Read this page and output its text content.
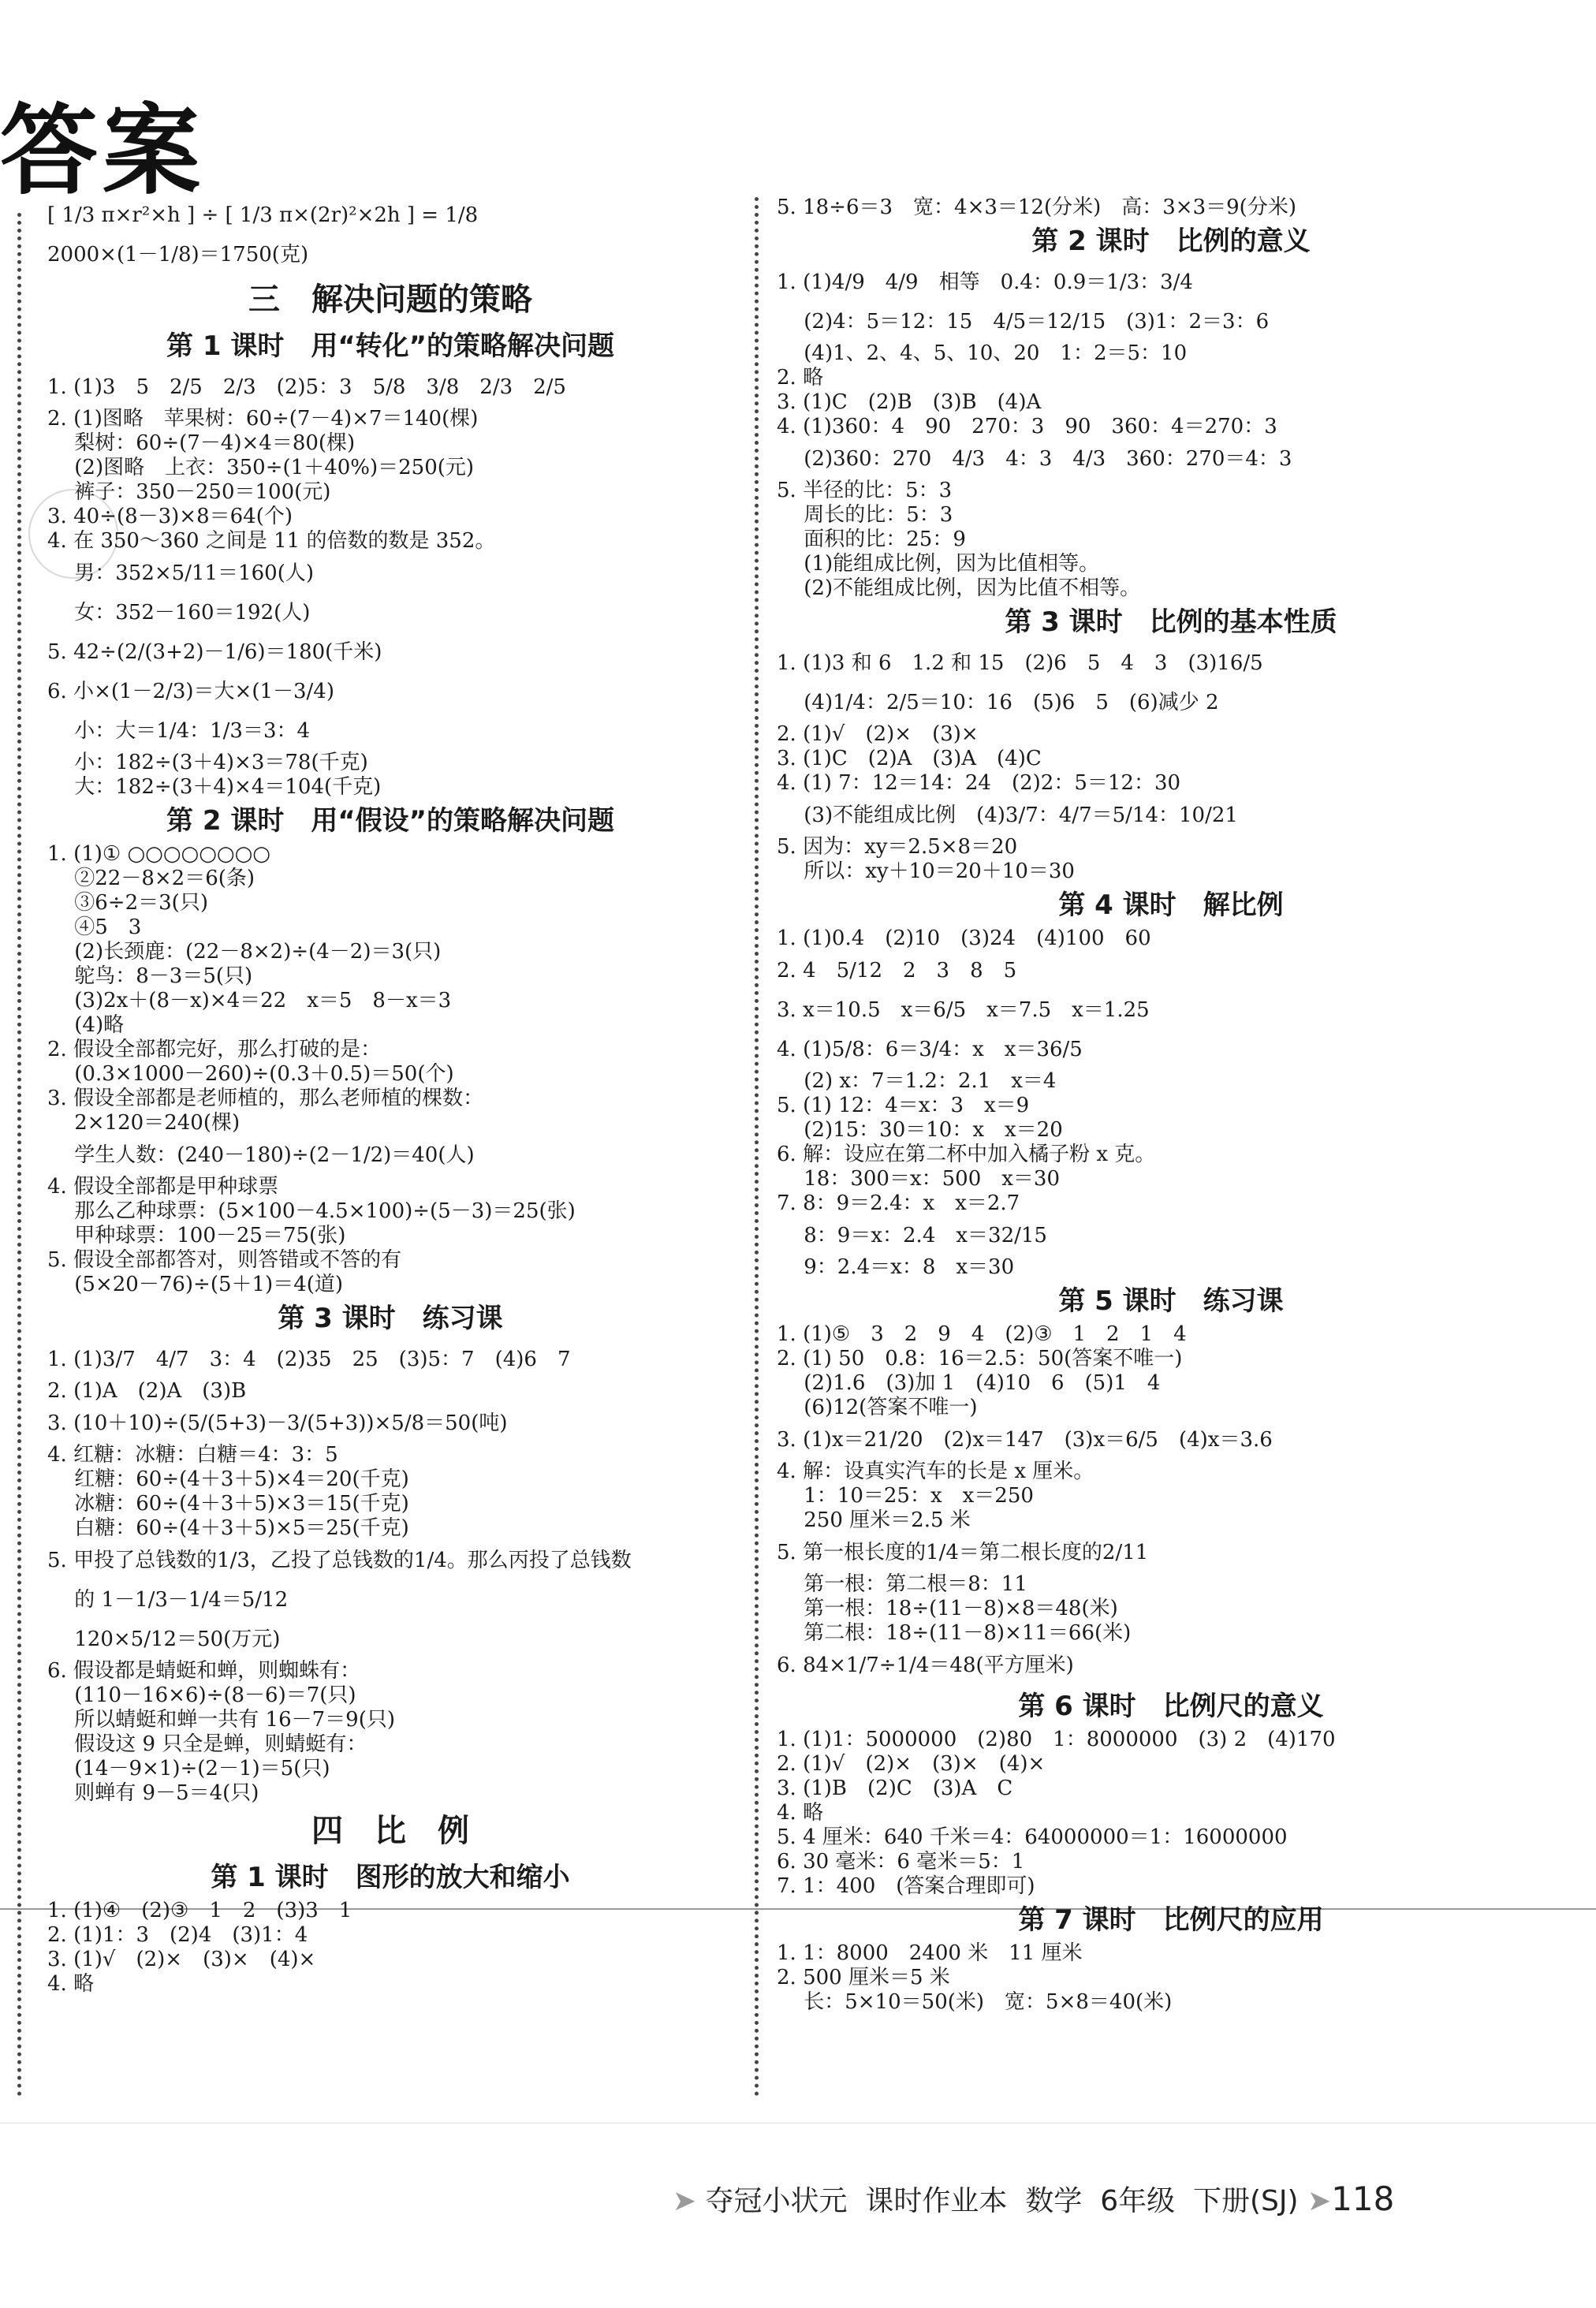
答案
[ 1/3 π×r²×h ] ÷ [ 1/3 π×(2r)²×2h ] = 1/8
2000×(1－1/8)＝1750(克)
三　解决问题的策略
第 1 课时　用“转化”的策略解决问题
1. (1)3　5　2/5　2/3　(2)5：3　5/8　3/8　2/3　2/5
2. (1)图略　苹果树：60÷(7－4)×7＝140(棵)
　 梨树：60÷(7－4)×4＝80(棵)
　 (2)图略　上衣：350÷(1＋40%)＝250(元)
　 裤子：350－250＝100(元)
3. 40÷(8－3)×8＝64(个)
4. 在 350～360 之间是 11 的倍数的数是 352。
　 男：352×5/11＝160(人)
　 女：352－160＝192(人)
5. 42÷(2/(3+2)－1/6)＝180(千米)
6. 小×(1－2/3)＝大×(1－3/4)
　 小：大＝1/4：1/3＝3：4
　 小：182÷(3＋4)×3＝78(千克)
　 大：182÷(3＋4)×4＝104(千克)
第 2 课时　用“假设”的策略解决问题
1. (1)① ○○○○○○○○
　 ②22－8×2＝6(条)
　 ③6÷2＝3(只)
　 ④5　3
　 (2)长颈鹿：(22－8×2)÷(4－2)＝3(只)
　 鸵鸟：8－3＝5(只)
　 (3)2x＋(8－x)×4＝22　x＝5　8－x＝3
　 (4)略
2. 假设全部都完好，那么打破的是：
　 (0.3×1000－260)÷(0.3＋0.5)＝50(个)
3. 假设全部都是老师植的，那么老师植的棵数：
　 2×120＝240(棵)
　 学生人数：(240－180)÷(2－1/2)＝40(人)
4. 假设全部都是甲种球票
　 那么乙种球票：(5×100－4.5×100)÷(5－3)＝25(张)
　 甲种球票：100－25＝75(张)
5. 假设全部都答对，则答错或不答的有
　 (5×20－76)÷(5＋1)＝4(道)
第 3 课时　练习课
1. (1)3/7　4/7　3：4　(2)35　25　(3)5：7　(4)6　7
2. (1)A　(2)A　(3)B
3. (10＋10)÷(5/(5+3)－3/(5+3))×5/8＝50(吨)
4. 红糖：冰糖：白糖＝4：3：5
　 红糖：60÷(4＋3＋5)×4＝20(千克)
　 冰糖：60÷(4＋3＋5)×3＝15(千克)
　 白糖：60÷(4＋3＋5)×5＝25(千克)
5. 甲投了总钱数的1/3，乙投了总钱数的1/4。那么丙投了总钱数
　 的 1－1/3－1/4＝5/12
　 120×5/12＝50(万元)
6. 假设都是蜻蜓和蝉，则蜘蛛有：
　 (110－16×6)÷(8－6)＝7(只)
　 所以蜻蜓和蝉一共有 16－7＝9(只)
　 假设这 9 只全是蝉，则蜻蜓有：
　 (14－9×1)÷(2－1)＝5(只)
　 则蝉有 9－5＝4(只)
四　比　例
第 1 课时　图形的放大和缩小
1. (1)④　(2)③　1　2　(3)3　1
2. (1)1：3　(2)4　(3)1：4
3. (1)√　(2)×　(3)×　(4)×
4. 略
5. 18÷6＝3　宽：4×3＝12(分米)　高：3×3＝9(分米)
第 2 课时　比例的意义
1. (1)4/9　4/9　相等　0.4：0.9＝1/3：3/4
　 (2)4：5＝12：15　4/5＝12/15　(3)1：2＝3：6
　 (4)1、2、4、5、10、20　1：2＝5：10
2. 略
3. (1)C　(2)B　(3)B　(4)A
4. (1)360：4　90　270：3　90　360：4＝270：3
　 (2)360：270　4/3　4：3　4/3　360：270＝4：3
5. 半径的比：5：3
　 周长的比：5：3
　 面积的比：25：9
　 (1)能组成比例，因为比值相等。
　 (2)不能组成比例，因为比值不相等。
第 3 课时　比例的基本性质
1. (1)3 和 6　1.2 和 15　(2)6　5　4　3　(3)16/5
　 (4)1/4：2/5＝10：16　(5)6　5　(6)减少 2
2. (1)√　(2)×　(3)×
3. (1)C　(2)A　(3)A　(4)C
4. (1) 7：12＝14：24　(2)2：5＝12：30
　 (3)不能组成比例　(4)3/7：4/7＝5/14：10/21
5. 因为：xy＝2.5×8＝20
　 所以：xy＋10＝20＋10＝30
第 4 课时　解比例
1. (1)0.4　(2)10　(3)24　(4)100　60
2. 4　5/12　2　3　8　5
3. x＝10.5　x＝6/5　x＝7.5　x＝1.25
4. (1)5/8：6＝3/4：x　x＝36/5
　 (2) x：7＝1.2：2.1　x＝4
5. (1) 12：4＝x：3　x＝9
　 (2)15：30＝10：x　x＝20
6. 解：设应在第二杯中加入橘子粉 x 克。
　 18：300＝x：500　x＝30
7. 8：9＝2.4：x　x＝2.7
　 8：9＝x：2.4　x＝32/15
　 9：2.4＝x：8　x＝30
第 5 课时　练习课
1. (1)⑤　3　2　9　4　(2)③　1　2　1　4
2. (1) 50　0.8：16＝2.5：50(答案不唯一)
　 (2)1.6　(3)加 1　(4)10　6　(5)1　4
　 (6)12(答案不唯一)
3. (1)x＝21/20　(2)x＝147　(3)x＝6/5　(4)x＝3.6
4. 解：设真实汽车的长是 x 厘米。
　 1：10＝25：x　x＝250
　 250 厘米＝2.5 米
5. 第一根长度的1/4＝第二根长度的2/11
　 第一根：第二根＝8：11
　 第一根：18÷(11－8)×8＝48(米)
　 第二根：18÷(11－8)×11＝66(米)
6. 84×1/7÷1/4＝48(平方厘米)
第 6 课时　比例尺的意义
1. (1)1：5000000　(2)80　1：8000000　(3) 2　(4)170
2. (1)√　(2)×　(3)×　(4)×
3. (1)B　(2)C　(3)A　C
4. 略
5. 4 厘米：640 千米＝4：64000000＝1：16000000
6. 30 毫米：6 毫米＝5：1
7. 1：400　(答案合理即可)
第 7 课时　比例尺的应用
1. 1：8000　2400 米　11 厘米
2. 500 厘米＝5 米
　 长：5×10＝50(米)　宽：5×8＝40(米)

➤ 夺冠小状元 课时作业本 数学 6年级 下册(SJ) ➤118
